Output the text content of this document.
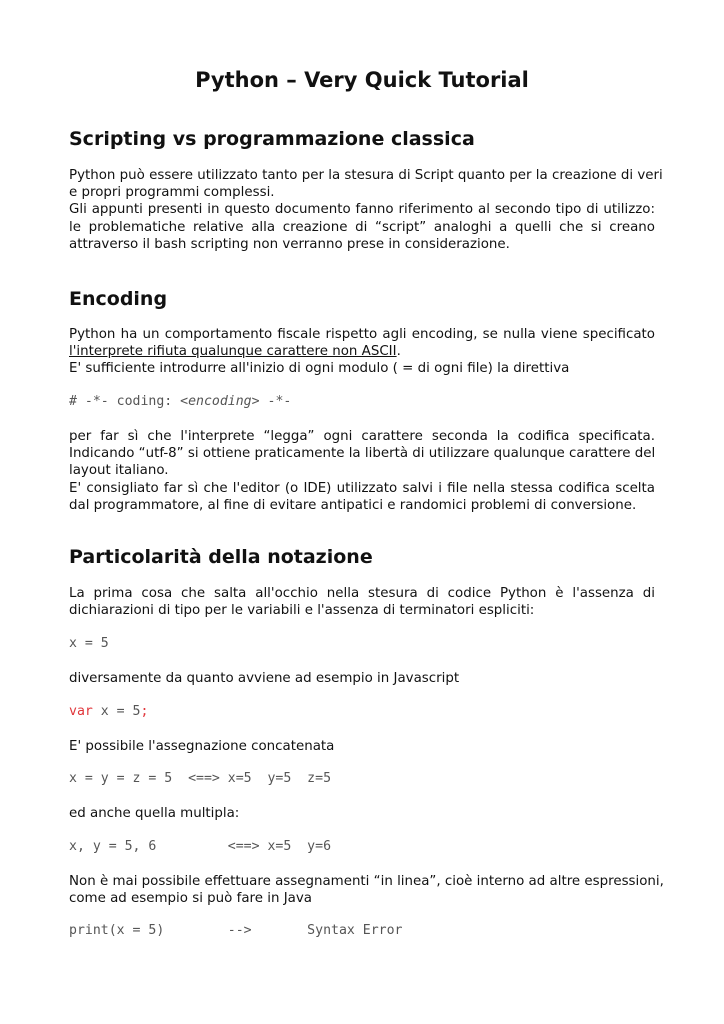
Python – Very Quick Tutorial
Scripting vs programmazione classica

Python può essere utilizzato tanto per la stesura di Script quanto per la creazione di veri
e propri programmi complessi.
Gli appunti presenti in questo documento fanno riferimento al secondo tipo di utilizzo:
le problematiche relative alla creazione di “script” analoghi a quelli che si creano
attraverso il bash scripting non verranno prese in considerazione.

Encoding

Python ha un comportamento fiscale rispetto agli encoding, se nulla viene specificato
l'interprete rifiuta qualunque carattere non ASCII.
E' sufficiente introdurre all'inizio di ogni modulo ( = di ogni file) la direttiva

# -*- coding: <encoding> -*-

per far sì che l'interprete “legga” ogni carattere seconda la codifica specificata.
Indicando “utf-8” si ottiene praticamente la libertà di utilizzare qualunque carattere del
layout italiano.
E' consigliato far sì che l'editor (o IDE) utilizzato salvi i file nella stessa codifica scelta
dal programmatore, al fine di evitare antipatici e randomici problemi di conversione.

Particolarità della notazione

La prima cosa che salta all'occhio nella stesura di codice Python è l'assenza di
dichiarazioni di tipo per le variabili e l'assenza di terminatori espliciti:

x = 5

diversamente da quanto avviene ad esempio in Javascript

var x = 5;

E' possibile l'assegnazione concatenata

x = y = z = 5  <==> x=5  y=5  z=5

ed anche quella multipla:

x, y = 5, 6         <==> x=5  y=6

Non è mai possibile effettuare assegnamenti “in linea”, cioè interno ad altre espressioni,
come ad esempio si può fare in Java

print(x = 5)        -->       Syntax Error
